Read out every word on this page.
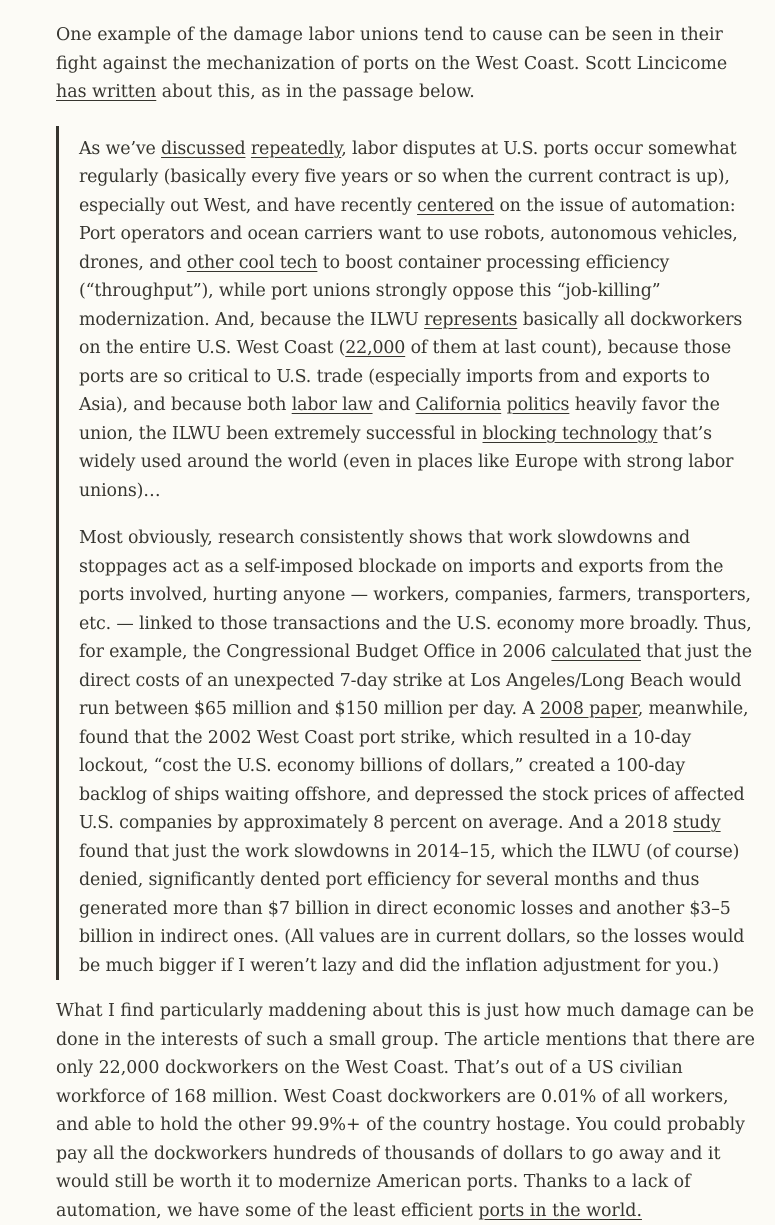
One example of the damage labor unions tend to cause can be seen in their fight against the mechanization of ports on the West Coast. Scott Lincicome has written about this, as in the passage below.

As we’ve discussed repeatedly, labor disputes at U.S. ports occur somewhat regularly (basically every five years or so when the current contract is up), especially out West, and have recently centered on the issue of automation: Port operators and ocean carriers want to use robots, autonomous vehicles, drones, and other cool tech to boost container processing efficiency (“throughput”), while port unions strongly oppose this “job-killing” modernization. And, because the ILWU represents basically all dockworkers on the entire U.S. West Coast (22,000 of them at last count), because those ports are so critical to U.S. trade (especially imports from and exports to Asia), and because both labor law and California politics heavily favor the union, the ILWU been extremely successful in blocking technology that’s widely used around the world (even in places like Europe with strong labor unions)…

Most obviously, research consistently shows that work slowdowns and stoppages act as a self-imposed blockade on imports and exports from the ports involved, hurting anyone — workers, companies, farmers, transporters, etc. — linked to those transactions and the U.S. economy more broadly. Thus, for example, the Congressional Budget Office in 2006 calculated that just the direct costs of an unexpected 7-day strike at Los Angeles/Long Beach would run between $65 million and $150 million per day. A 2008 paper, meanwhile, found that the 2002 West Coast port strike, which resulted in a 10-day lockout, “cost the U.S. economy billions of dollars,” created a 100-day backlog of ships waiting offshore, and depressed the stock prices of affected U.S. companies by approximately 8 percent on average. And a 2018 study found that just the work slowdowns in 2014–15, which the ILWU (of course) denied, significantly dented port efficiency for several months and thus generated more than $7 billion in direct economic losses and another $3–5 billion in indirect ones. (All values are in current dollars, so the losses would be much bigger if I weren’t lazy and did the inflation adjustment for you.)

What I find particularly maddening about this is just how much damage can be done in the interests of such a small group. The article mentions that there are only 22,000 dockworkers on the West Coast. That’s out of a US civilian workforce of 168 million. West Coast dockworkers are 0.01% of all workers, and able to hold the other 99.9%+ of the country hostage. You could probably pay all the dockworkers hundreds of thousands of dollars to go away and it would still be worth it to modernize American ports. Thanks to a lack of automation, we have some of the least efficient ports in the world.
